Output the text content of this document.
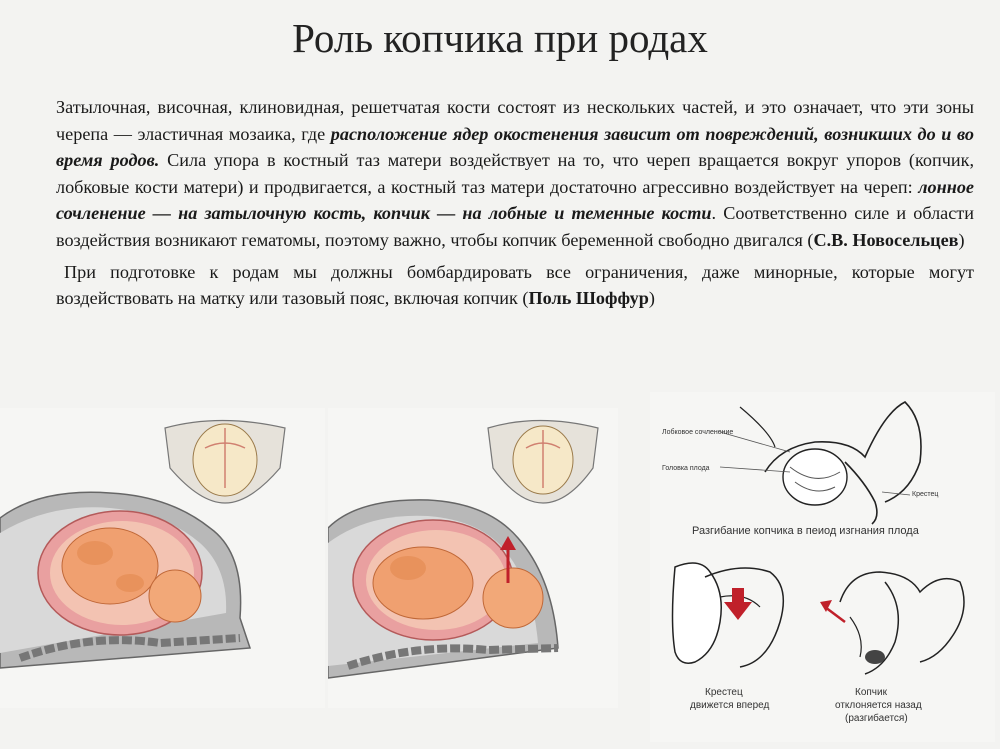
Роль копчика при родах

Затылочная, височная, клиновидная, решетчатая кости состоят из нескольких частей, и это означает, что эти зоны черепа — эластичная мозаика, где расположение ядер окостенения зависит от повреждений, возникших до и во время родов. Сила упора в костный таз матери воздействует на то, что череп вращается вокруг упоров (копчик, лобковые кости матери) и продвигается, а костный таз матери достаточно агрессивно воздействует на череп: лонное сочленение — на затылочную кость, копчик — на лобные и теменные кости. Соответственно силе и области воздействия возникают гематомы, поэтому важно, чтобы копчик беременной свободно двигался (С.В. Новосельцев)

При подготовке к родам мы должны бомбардировать все ограничения, даже минорные, которые могут воздействовать на матку или тазовый пояс, включая копчик (Поль Шоффур)

Лобковое сочленение
Головка плода
Крестец
Разгибание копчика в пеиод изгнания плода
Крестец
движется вперед
Копчик
отклоняется назад
(разгибается)
